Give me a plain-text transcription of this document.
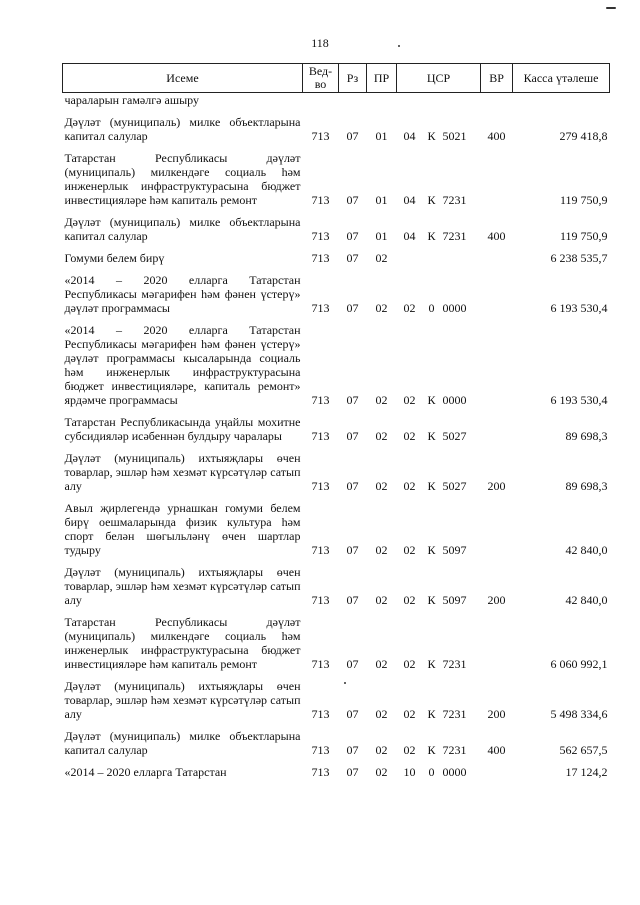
118
Исеме	Вед-во	Рз	ПР	ЦСР			ВР	Касса үтәлеше
чараларын гамәлгә ашыру								
Дәүләт (муниципаль) милке объектларына капитал салулар	713	07	01	04	К	5021	400	279 418,8
Татарстан Республикасы дәүләт (муниципаль) милкендәге социаль һәм инженерлык инфраструктурасына бюджет инвестицияләре һәм капиталь ремонт	713	07	01	04	К	7231		119 750,9
Дәүләт (муниципаль) милке объектларына капитал салулар	713	07	01	04	К	7231	400	119 750,9
Гомуми белем бирү	713	07	02					6 238 535,7
«2014 – 2020 елларга Татарстан Республикасы мәгарифен һәм фәнен үстерү» дәүләт программасы	713	07	02	02	0	0000		6 193 530,4
«2014 – 2020 елларга Татарстан Республикасы мәгарифен һәм фәнен үстерү» дәүләт программасы кысаларында социаль һәм инженерлык инфраструктурасына бюджет инвестицияләре, капиталь ремонт» ярдәмче программасы	713	07	02	02	К	0000		6 193 530,4
Татарстан Республикасында уңайлы мохитне субсидияләр исәбеннән булдыру чаралары	713	07	02	02	К	5027		89 698,3
Дәүләт (муниципаль) ихтыяҗлары өчен товарлар, эшләр һәм хезмәт күрсәтүләр сатып алу	713	07	02	02	К	5027	200	89 698,3
Авыл җирлегендә урнашкан гомуми белем бирү оешмаларында физик культура һәм спорт белән шөгыльләнү өчен шартлар тудыру	713	07	02	02	К	5097		42 840,0
Дәүләт (муниципаль) ихтыяҗлары өчен товарлар, эшләр һәм хезмәт күрсәтүләр сатып алу	713	07	02	02	К	5097	200	42 840,0
Татарстан Республикасы дәүләт (муниципаль) милкендәге социаль һәм инженерлык инфраструктурасына бюджет инвестицияләре һәм капиталь ремонт	713	07	02	02	К	7231		6 060 992,1
Дәүләт (муниципаль) ихтыяҗлары өчен товарлар, эшләр һәм хезмәт күрсәтүләр сатып алу	713	07	02	02	К	7231	200	5 498 334,6
Дәүләт (муниципаль) милке объектларына капитал салулар	713	07	02	02	К	7231	400	562 657,5
«2014 – 2020 елларга Татарстан	713	07	02	10	0	0000		17 124,2
